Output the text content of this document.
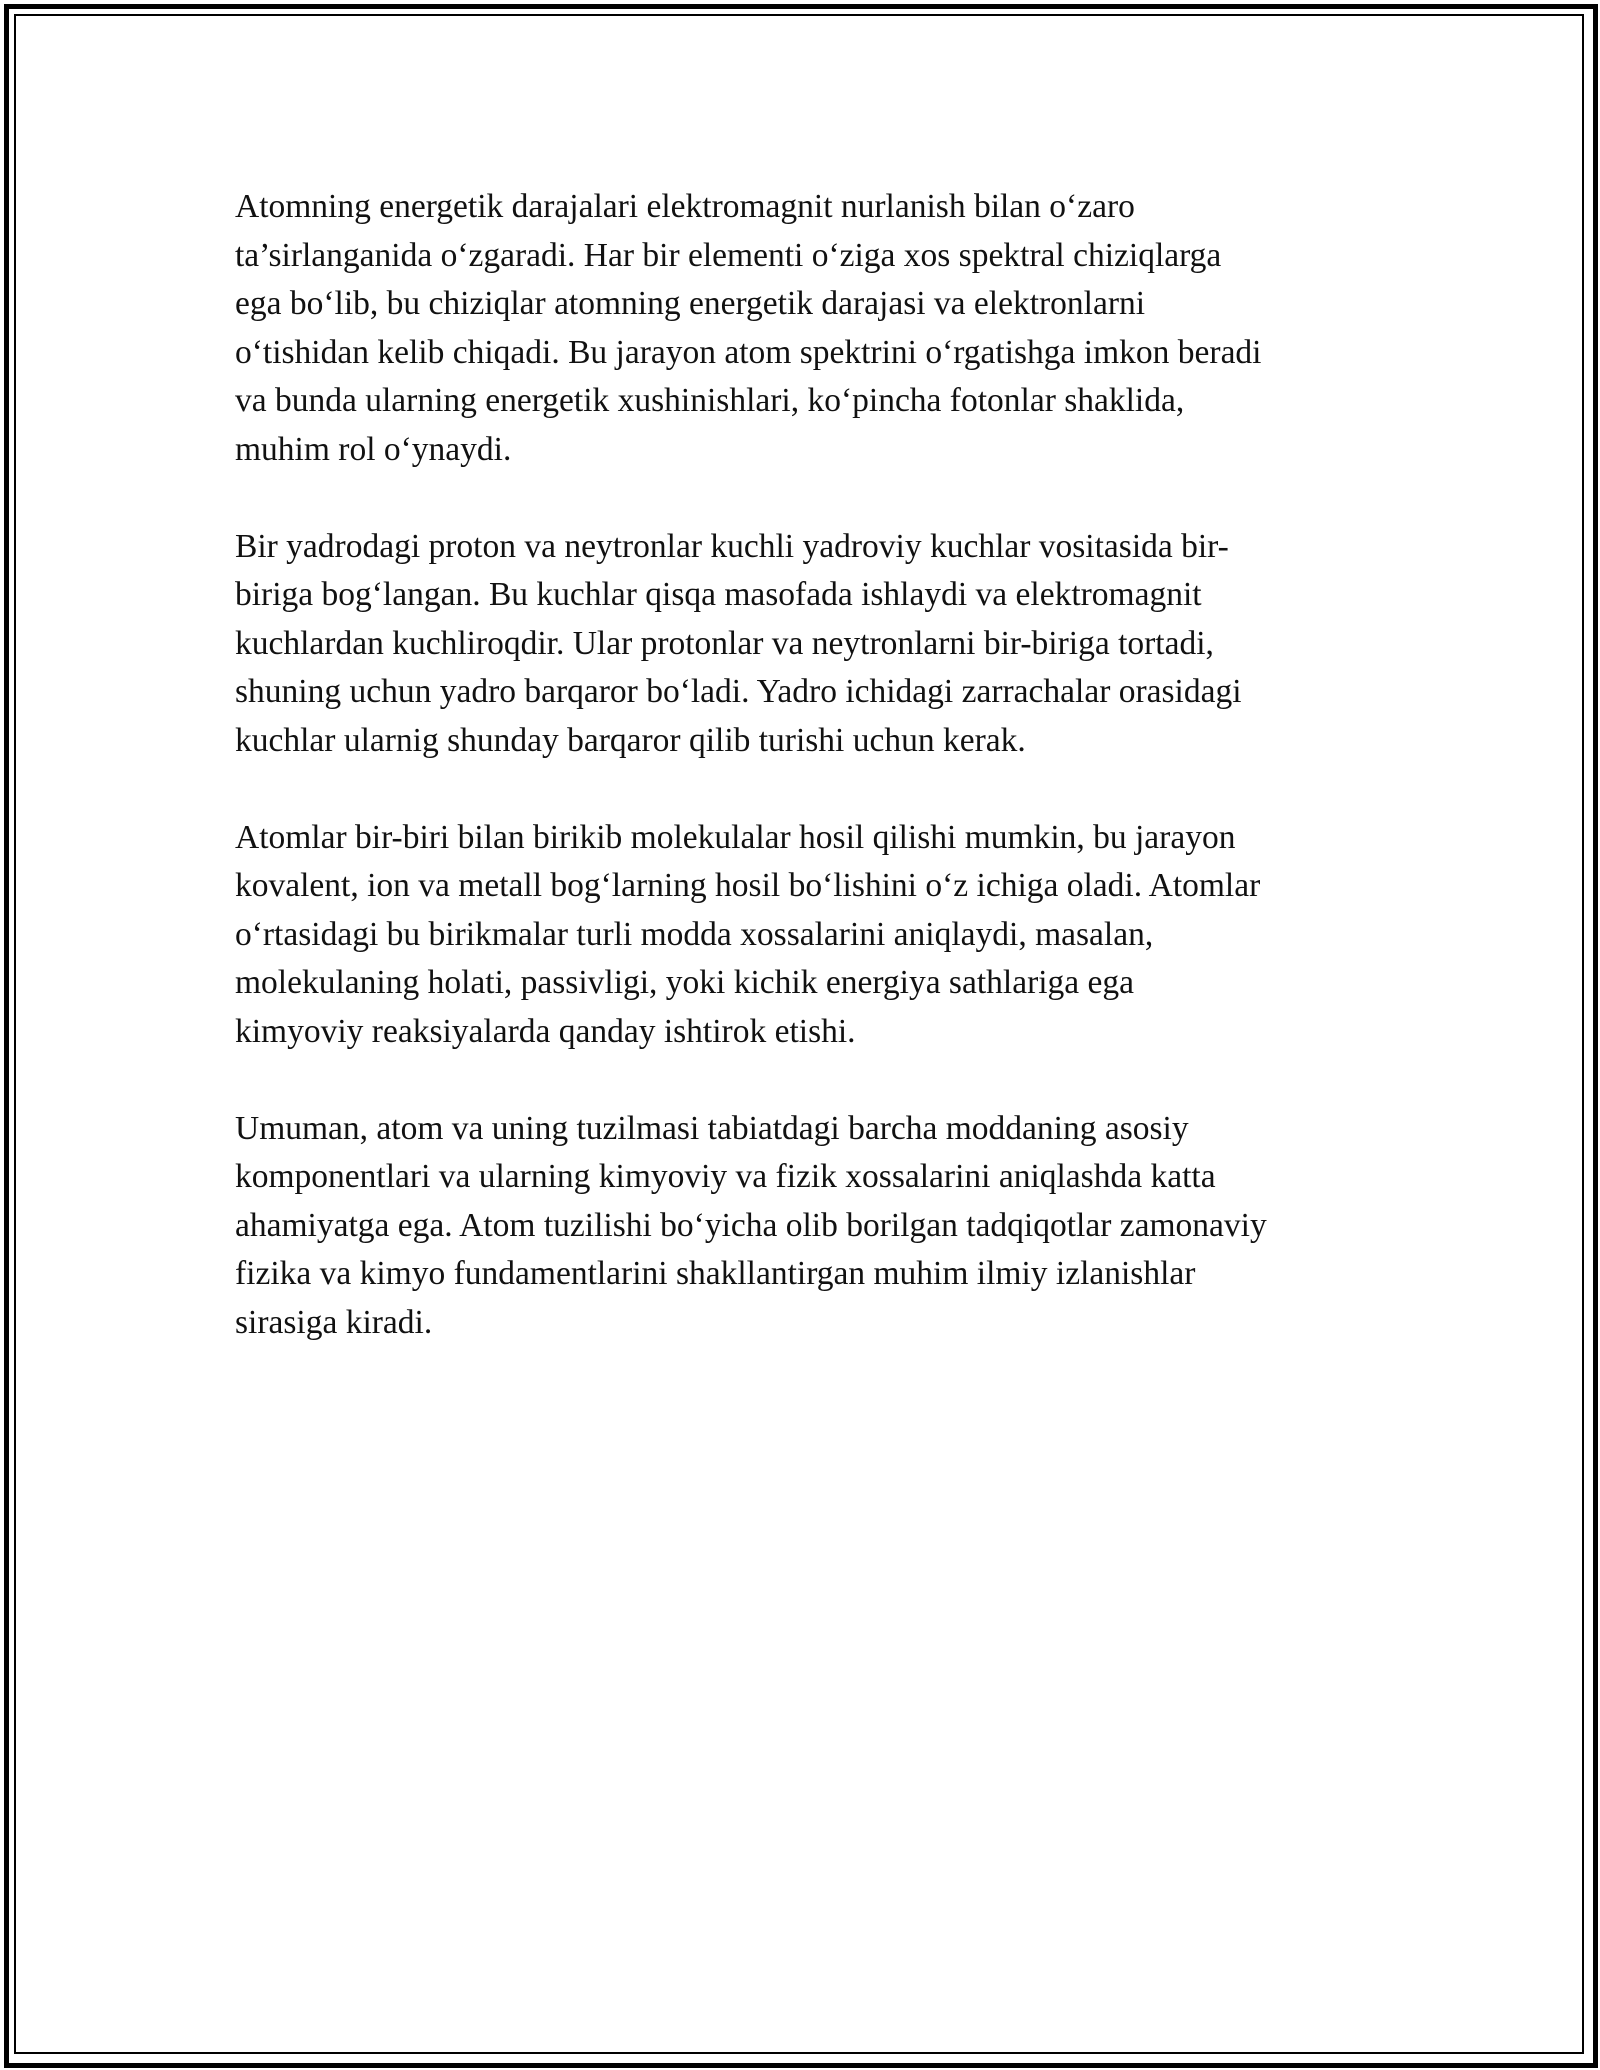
Atomning energetik darajalari elektromagnit nurlanish bilan o‘zaro
ta’sirlanganida o‘zgaradi. Har bir elementi o‘ziga xos spektral chiziqlarga
ega bo‘lib, bu chiziqlar atomning energetik darajasi va elektronlarni
o‘tishidan kelib chiqadi. Bu jarayon atom spektrini o‘rgatishga imkon beradi
va bunda ularning energetik xushinishlari, ko‘pincha fotonlar shaklida,
muhim rol o‘ynaydi.

Bir yadrodagi proton va neytronlar kuchli yadroviy kuchlar vositasida bir-
biriga bog‘langan. Bu kuchlar qisqa masofada ishlaydi va elektromagnit
kuchlardan kuchliroqdir. Ular protonlar va neytronlarni bir-biriga tortadi,
shuning uchun yadro barqaror bo‘ladi. Yadro ichidagi zarrachalar orasidagi
kuchlar ularnig shunday barqaror qilib turishi uchun kerak.

Atomlar bir-biri bilan birikib molekulalar hosil qilishi mumkin, bu jarayon
kovalent, ion va metall bog‘larning hosil bo‘lishini o‘z ichiga oladi. Atomlar
o‘rtasidagi bu birikmalar turli modda xossalarini aniqlaydi, masalan,
molekulaning holati, passivligi, yoki kichik energiya sathlariga ega
kimyoviy reaksiyalarda qanday ishtirok etishi.

Umuman, atom va uning tuzilmasi tabiatdagi barcha moddaning asosiy
komponentlari va ularning kimyoviy va fizik xossalarini aniqlashda katta
ahamiyatga ega. Atom tuzilishi bo‘yicha olib borilgan tadqiqotlar zamonaviy
fizika va kimyo fundamentlarini shakllantirgan muhim ilmiy izlanishlar
sirasiga kiradi.
